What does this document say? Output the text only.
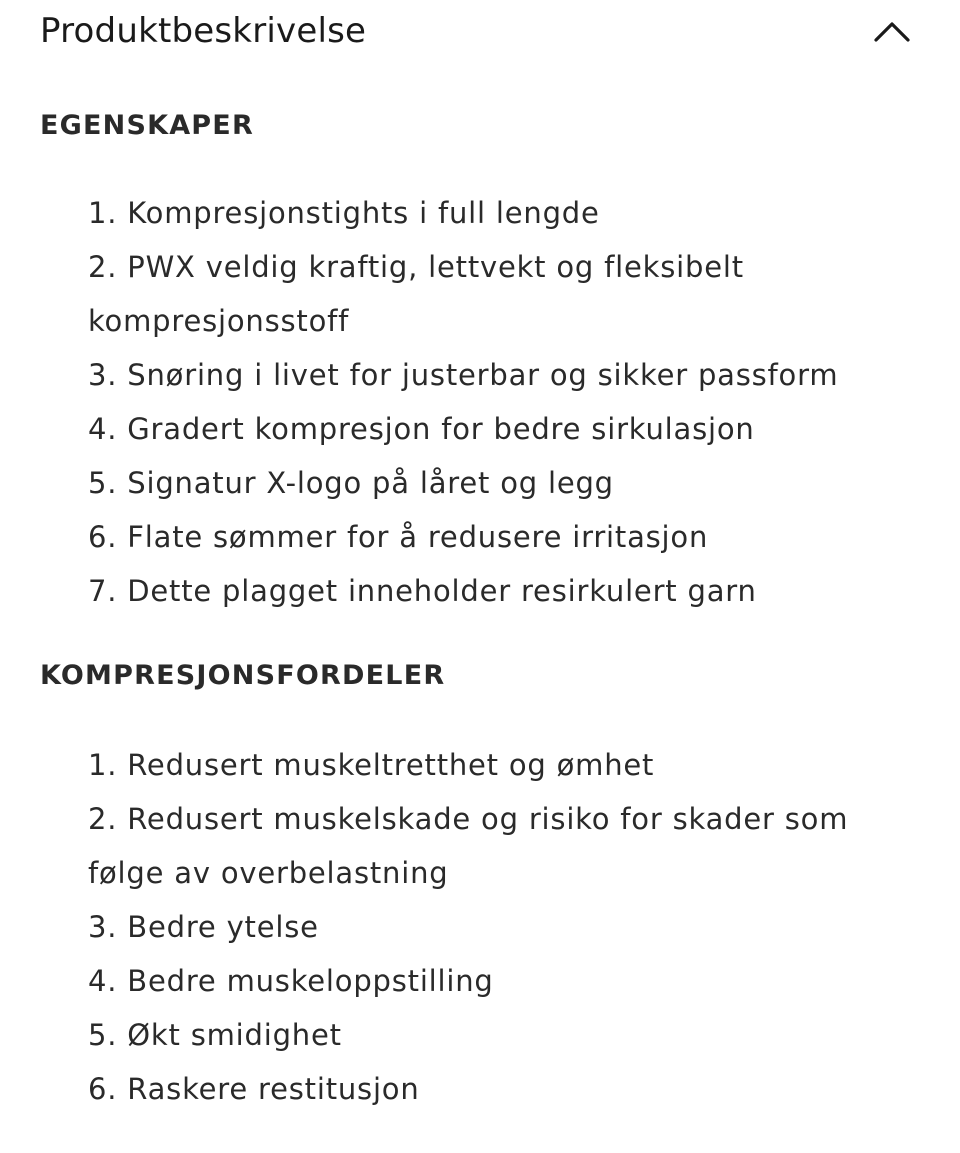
Produktbeskrivelse
EGENSKAPER
1. Kompresjonstights i full lengde
2. PWX veldig kraftig, lettvekt og fleksibelt kompresjonsstoff
3. Snøring i livet for justerbar og sikker passform
4. Gradert kompresjon for bedre sirkulasjon
5. Signatur X-logo på låret og legg
6. Flate sømmer for å redusere irritasjon
7. Dette plagget inneholder resirkulert garn
KOMPRESJONSFORDELER
1. Redusert muskeltretthet og ømhet
2. Redusert muskelskade og risiko for skader som følge av overbelastning
3. Bedre ytelse
4. Bedre muskeloppstilling
5. Økt smidighet
6. Raskere restitusjon
